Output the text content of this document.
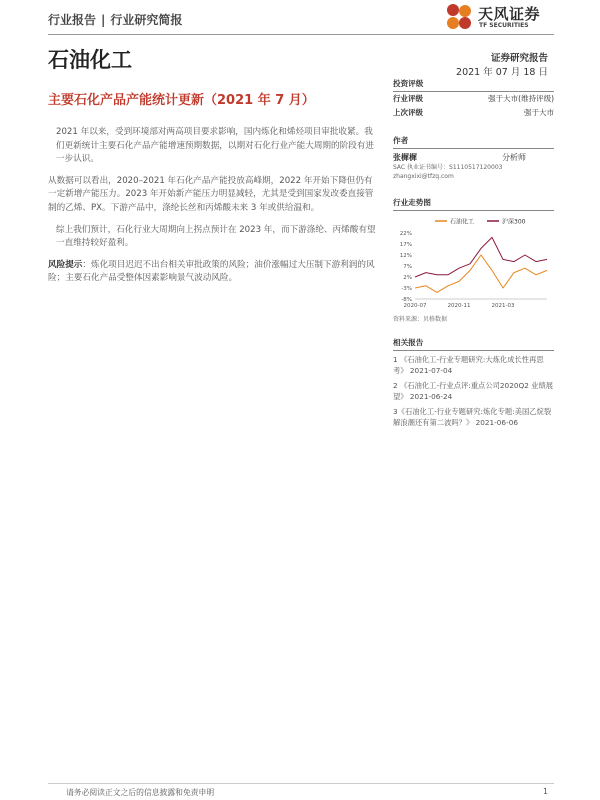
行业报告 | 行业研究简报	天风证券
TF SECURITIES
石油化工	证券研究报告
2021 年 07 月 18 日
主要石化产品产能统计更新（2021 年 7 月）

2021 年以来，受到环境部对两高项目要求影响，国内炼化和烯烃项目审批收紧。我们更新统计主要石化产品产能增速预期数据，以期对石化行业产能大周期的阶段有进一步认识。

从数据可以看出，2020–2021 年石化产品产能投放高峰期，2022 年开始下降但仍有一定新增产能压力。2023 年开始新产能压力明显减轻，尤其是受到国家发改委直接管制的乙烯、PX。下游产品中，涤纶长丝和丙烯酸未来 3 年或供给温和。

综上我们预计，石化行业大周期向上拐点预计在 2023 年，而下游涤纶、丙烯酸有望一直维持较好盈利。

风险提示：炼化项目迟迟不出台相关审批政策的风险；油价涨幅过大压制下游利润的风险；主要石化产品受整体因素影响景气波动风险。

投资评级
行业评级	强于大市(维持评级)
上次评级	强于大市
作者
张樨樨	分析师
SAC 执业证书编号：S1110517120003
zhangxixi@tfzq.com
行业走势图
石油化工	沪深300
22%
17%
12%
7%
2%
-3%
-8%
2020-07	2020-11	2021-03
资料来源：贝格数据
相关报告
1 《石油化工-行业专题研究:大炼化成长性再思考》 2021-07-04
2 《石油化工-行业点评:重点公司2020Q2 业绩展望》 2021-06-24
3《石油化工-行业专题研究:炼化专题:美国乙烷裂解浪潮还有第二波吗？》 2021-06-06
请务必阅读正文之后的信息披露和免责申明	1
